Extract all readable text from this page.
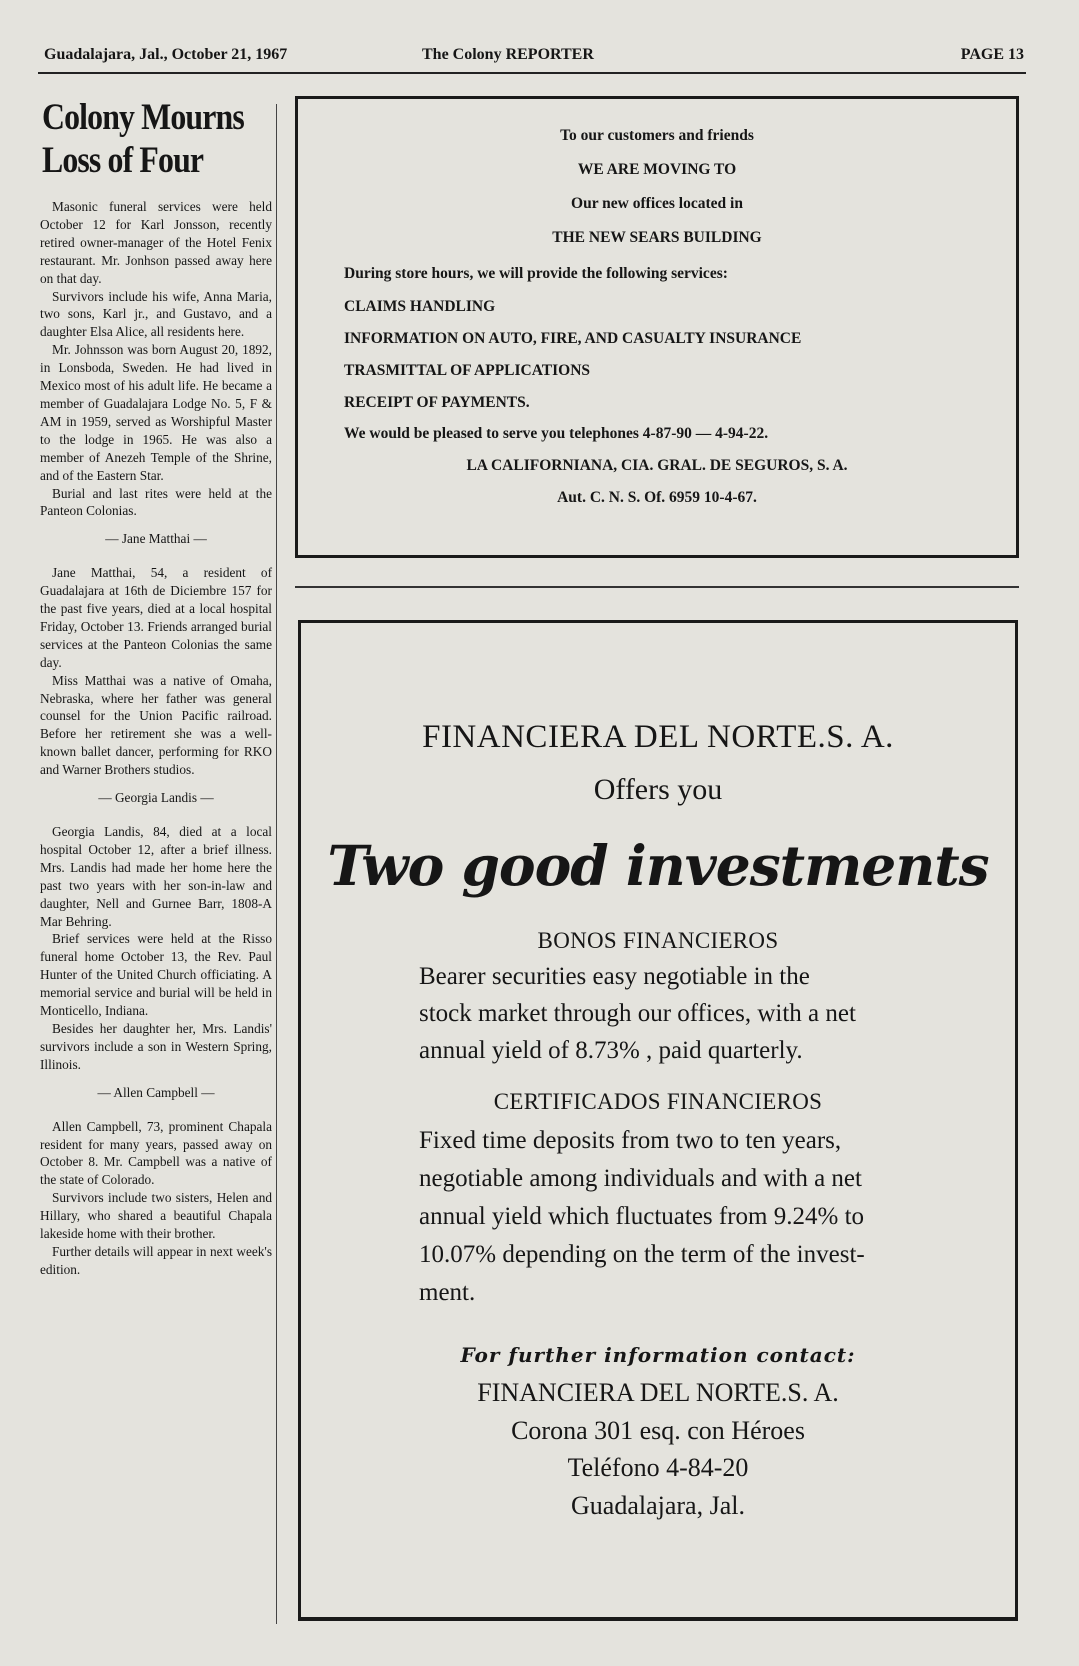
Guadalajara, Jal., October 21, 1967	The Colony REPORTER	PAGE 13
Colony Mourns
Loss of Four

Masonic funeral services were held October 12 for Karl Jonsson, recently retired owner-manager of the Hotel Fenix restaurant. Mr. Jonhson passed away here on that day.

Survivors include his wife, Anna Maria, two sons, Karl jr., and Gustavo, and a daughter Elsa Alice, all residents here.

Mr. Johnsson was born August 20, 1892, in Lonsboda, Sweden. He had lived in Mexico most of his adult life. He became a member of Guadalajara Lodge No. 5, F & AM in 1959, served as Worshipful Master to the lodge in 1965. He was also a member of Anezeh Temple of the Shrine, and of the Eastern Star.

Burial and last rites were held at the Panteon Colonias.

— Jane Matthai —

Jane Matthai, 54, a resident of Guadalajara at 16th de Diciembre 157 for the past five years, died at a local hospital Friday, October 13. Friends arranged burial services at the Panteon Colonias the same day.

Miss Matthai was a native of Omaha, Nebraska, where her father was general counsel for the Union Pacific railroad. Before her retirement she was a well-known ballet dancer, performing for RKO and Warner Brothers studios.

— Georgia Landis —

Georgia Landis, 84, died at a local hospital October 12, after a brief illness. Mrs. Landis had made her home here the past two years with her son-in-law and daughter, Nell and Gurnee Barr, 1808-A Mar Behring.

Brief services were held at the Risso funeral home October 13, the Rev. Paul Hunter of the United Church officiating. A memorial service and burial will be held in Monticello, Indiana.

Besides her daughter her, Mrs. Landis' survivors include a son in Western Spring, Illinois.

— Allen Campbell —

Allen Campbell, 73, prominent Chapala resident for many years, passed away on October 8. Mr. Campbell was a native of the state of Colorado.

Survivors include two sisters, Helen and Hillary, who shared a beautiful Chapala lakeside home with their brother.

Further details will appear in next week's edition.

To our customers and friends
WE ARE MOVING TO
Our new offices located in
THE NEW SEARS BUILDING
During store hours, we will provide the following services:
CLAIMS HANDLING
INFORMATION ON AUTO, FIRE, AND CASUALTY INSURANCE
TRASMITTAL OF APPLICATIONS
RECEIPT OF PAYMENTS.
We would be pleased to serve you telephones 4-87-90 — 4-94-22.
LA CALIFORNIANA, CIA. GRAL. DE SEGUROS, S. A.
Aut. C. N. S. Of. 6959 10-4-67.
FINANCIERA DEL NORTE.S. A.
Offers you
Two good investments
BONOS FINANCIEROS
Bearer securities easy negotiable in the
stock market through our offices, with a net
annual yield of 8.73% , paid quarterly.
CERTIFICADOS FINANCIEROS
Fixed time deposits from two to ten years,
negotiable among individuals and with a net
annual yield which fluctuates from 9.24% to
10.07% depending on the term of the invest-
ment.
For further information contact:
FINANCIERA DEL NORTE.S. A.
Corona 301 esq. con Héroes
Teléfono 4-84-20
Guadalajara, Jal.
